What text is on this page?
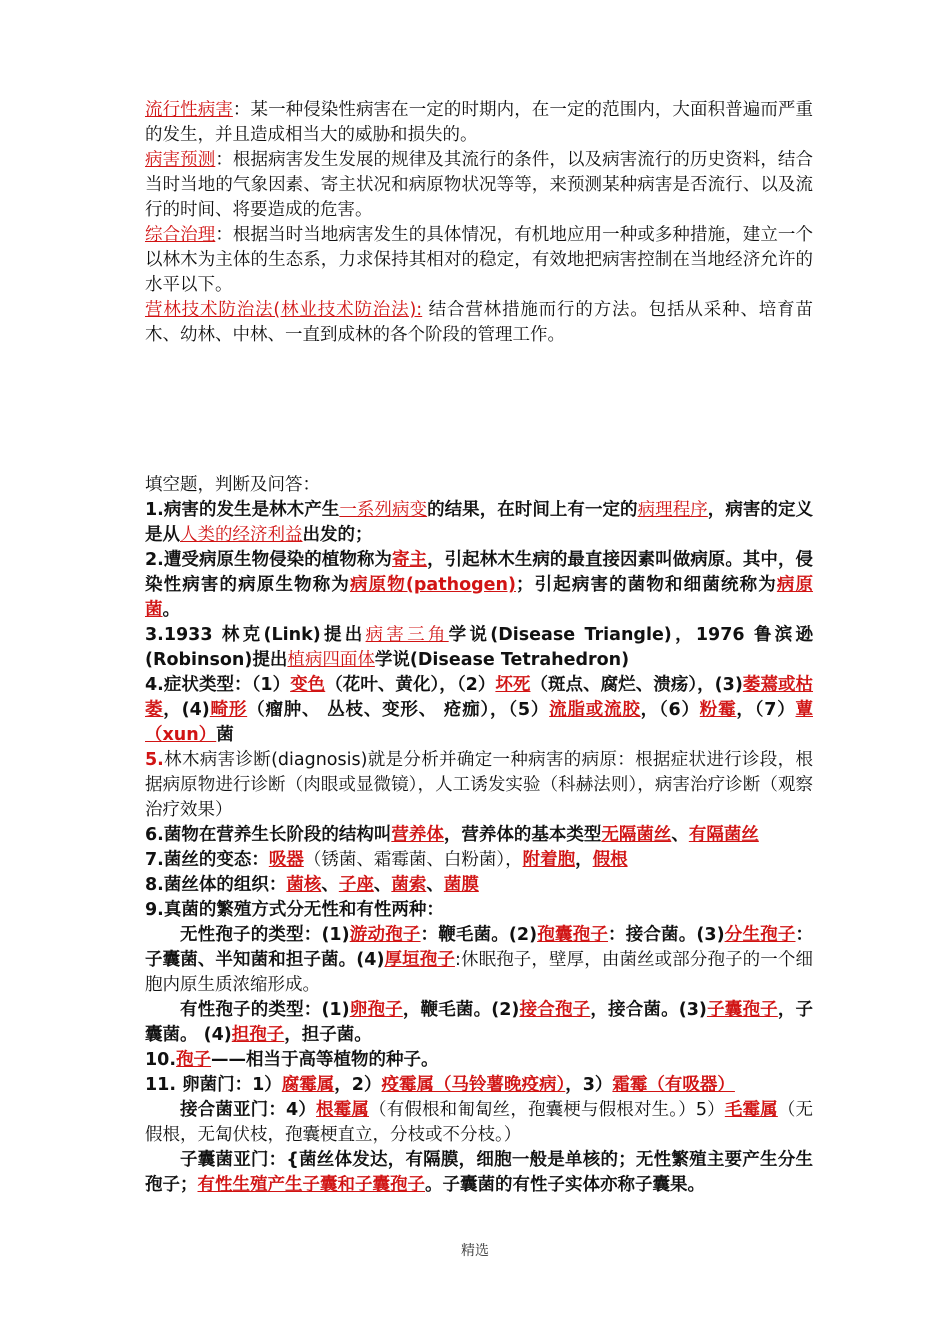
流行性病害：某一种侵染性病害在一定的时期内，在一定的范围内，大面积普遍而严重的发生，并且造成相当大的威胁和损失的。

病害预测：根据病害发生发展的规律及其流行的条件，以及病害流行的历史资料，结合当时当地的气象因素、寄主状况和病原物状况等等，来预测某种病害是否流行、以及流行的时间、将要造成的危害。

综合治理：根据当时当地病害发生的具体情况，有机地应用一种或多种措施，建立一个以林木为主体的生态系，力求保持其相对的稳定，有效地把病害控制在当地经济允许的水平以下。

营林技术防治法(林业技术防治法): 结合营林措施而行的方法。包括从采种、培育苗木、幼林、中林、一直到成林的各个阶段的管理工作。

填空题，判断及问答：

1.病害的发生是林木产生一系列病变的结果，在时间上有一定的病理程序，病害的定义是从人类的经济利益出发的；

2.遭受病原生物侵染的植物称为寄主，引起林木生病的最直接因素叫做病原。其中，侵染性病害的病原生物称为病原物(pathogen)；引起病害的菌物和细菌统称为病原菌。

3.1933 林克(Link)提出病害三角学说(Disease Triangle)，1976 鲁滨逊(Robinson)提出植病四面体学说(Disease Tetrahedron)

4.症状类型：（1）变色（花叶、黄化），（2）坏死（斑点、腐烂、溃疡），(3)萎蔫或枯萎，(4)畸形（瘤肿、 丛枝、变形、 疮痂），（5）流脂或流胶，（6）粉霉，（7）蕈（xun）菌

5.林木病害诊断(diagnosis)就是分析并确定一种病害的病原：根据症状进行诊段，根据病原物进行诊断（肉眼或显微镜），人工诱发实验（科赫法则），病害治疗诊断（观察治疗效果）

6.菌物在营养生长阶段的结构叫营养体，营养体的基本类型无隔菌丝、有隔菌丝

7.菌丝的变态：吸器（锈菌、霜霉菌、白粉菌），附着胞，假根

8.菌丝体的组织：菌核、子座、菌索、菌膜

9.真菌的繁殖方式分无性和有性两种：

无性孢子的类型：(1)游动孢子：鞭毛菌。(2)孢囊孢子：接合菌。(3)分生孢子：子囊菌、半知菌和担子菌。(4)厚垣孢子:休眠孢子，壁厚，由菌丝或部分孢子的一个细胞内原生质浓缩形成。

有性孢子的类型：(1)卵孢子，鞭毛菌。(2)接合孢子，接合菌。(3)子囊孢子，子囊菌。 (4)担孢子，担子菌。

10.孢子——相当于高等植物的种子。

11. 卵菌门：1）腐霉属，2）疫霉属（马铃薯晚疫病），3）霜霉（有吸器）

接合菌亚门：4）根霉属（有假根和匍匐丝，孢囊梗与假根对生。）5）毛霉属（无假根，无匐伏枝，孢囊梗直立，分枝或不分枝。）

子囊菌亚门：{菌丝体发达，有隔膜，细胞一般是单核的；无性繁殖主要产生分生孢子；有性生殖产生子囊和子囊孢子。子囊菌的有性子实体亦称子囊果。

精选
